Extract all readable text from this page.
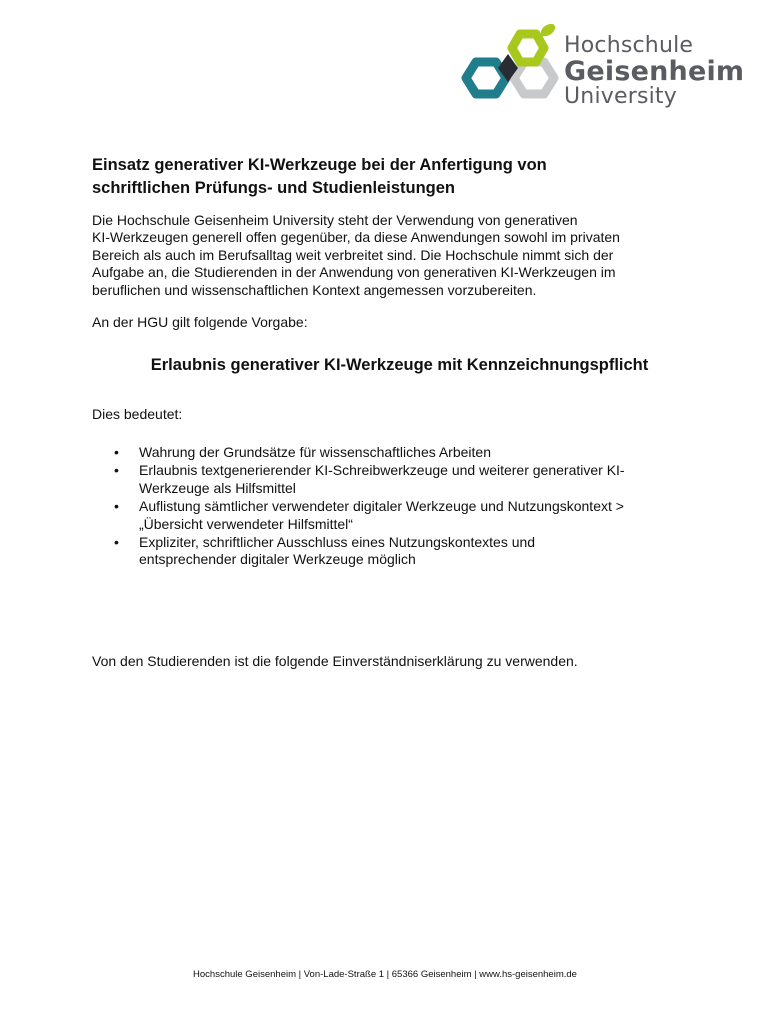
Hochschule
Geisenheim
University
Einsatz generativer KI-Werkzeuge bei der Anfertigung von
schriftlichen Prüfungs- und Studienleistungen

Die Hochschule Geisenheim University steht der Verwendung von generativen
KI-Werkzeugen generell offen gegenüber, da diese Anwendungen sowohl im privaten
Bereich als auch im Berufsalltag weit verbreitet sind. Die Hochschule nimmt sich der
Aufgabe an, die Studierenden in der Anwendung von generativen KI-Werkzeugen im
beruflichen und wissenschaftlichen Kontext angemessen vorzubereiten.

An der HGU gilt folgende Vorgabe:

Erlaubnis generativer KI-Werkzeuge mit Kennzeichnungspflicht

Dies bedeutet:

• Wahrung der Grundsätze für wissenschaftliches Arbeiten
• Erlaubnis textgenerierender KI-Schreibwerkzeuge und weiterer generativer KI-
Werkzeuge als Hilfsmittel
• Auflistung sämtlicher verwendeter digitaler Werkzeuge und Nutzungskontext >
„Übersicht verwendeter Hilfsmittel“
• Expliziter, schriftlicher Ausschluss eines Nutzungskontextes und
entsprechender digitaler Werkzeuge möglich

Von den Studierenden ist die folgende Einverständniserklärung zu verwenden.

Hochschule Geisenheim | Von-Lade-Straße 1 | 65366 Geisenheim | www.hs-geisenheim.de
